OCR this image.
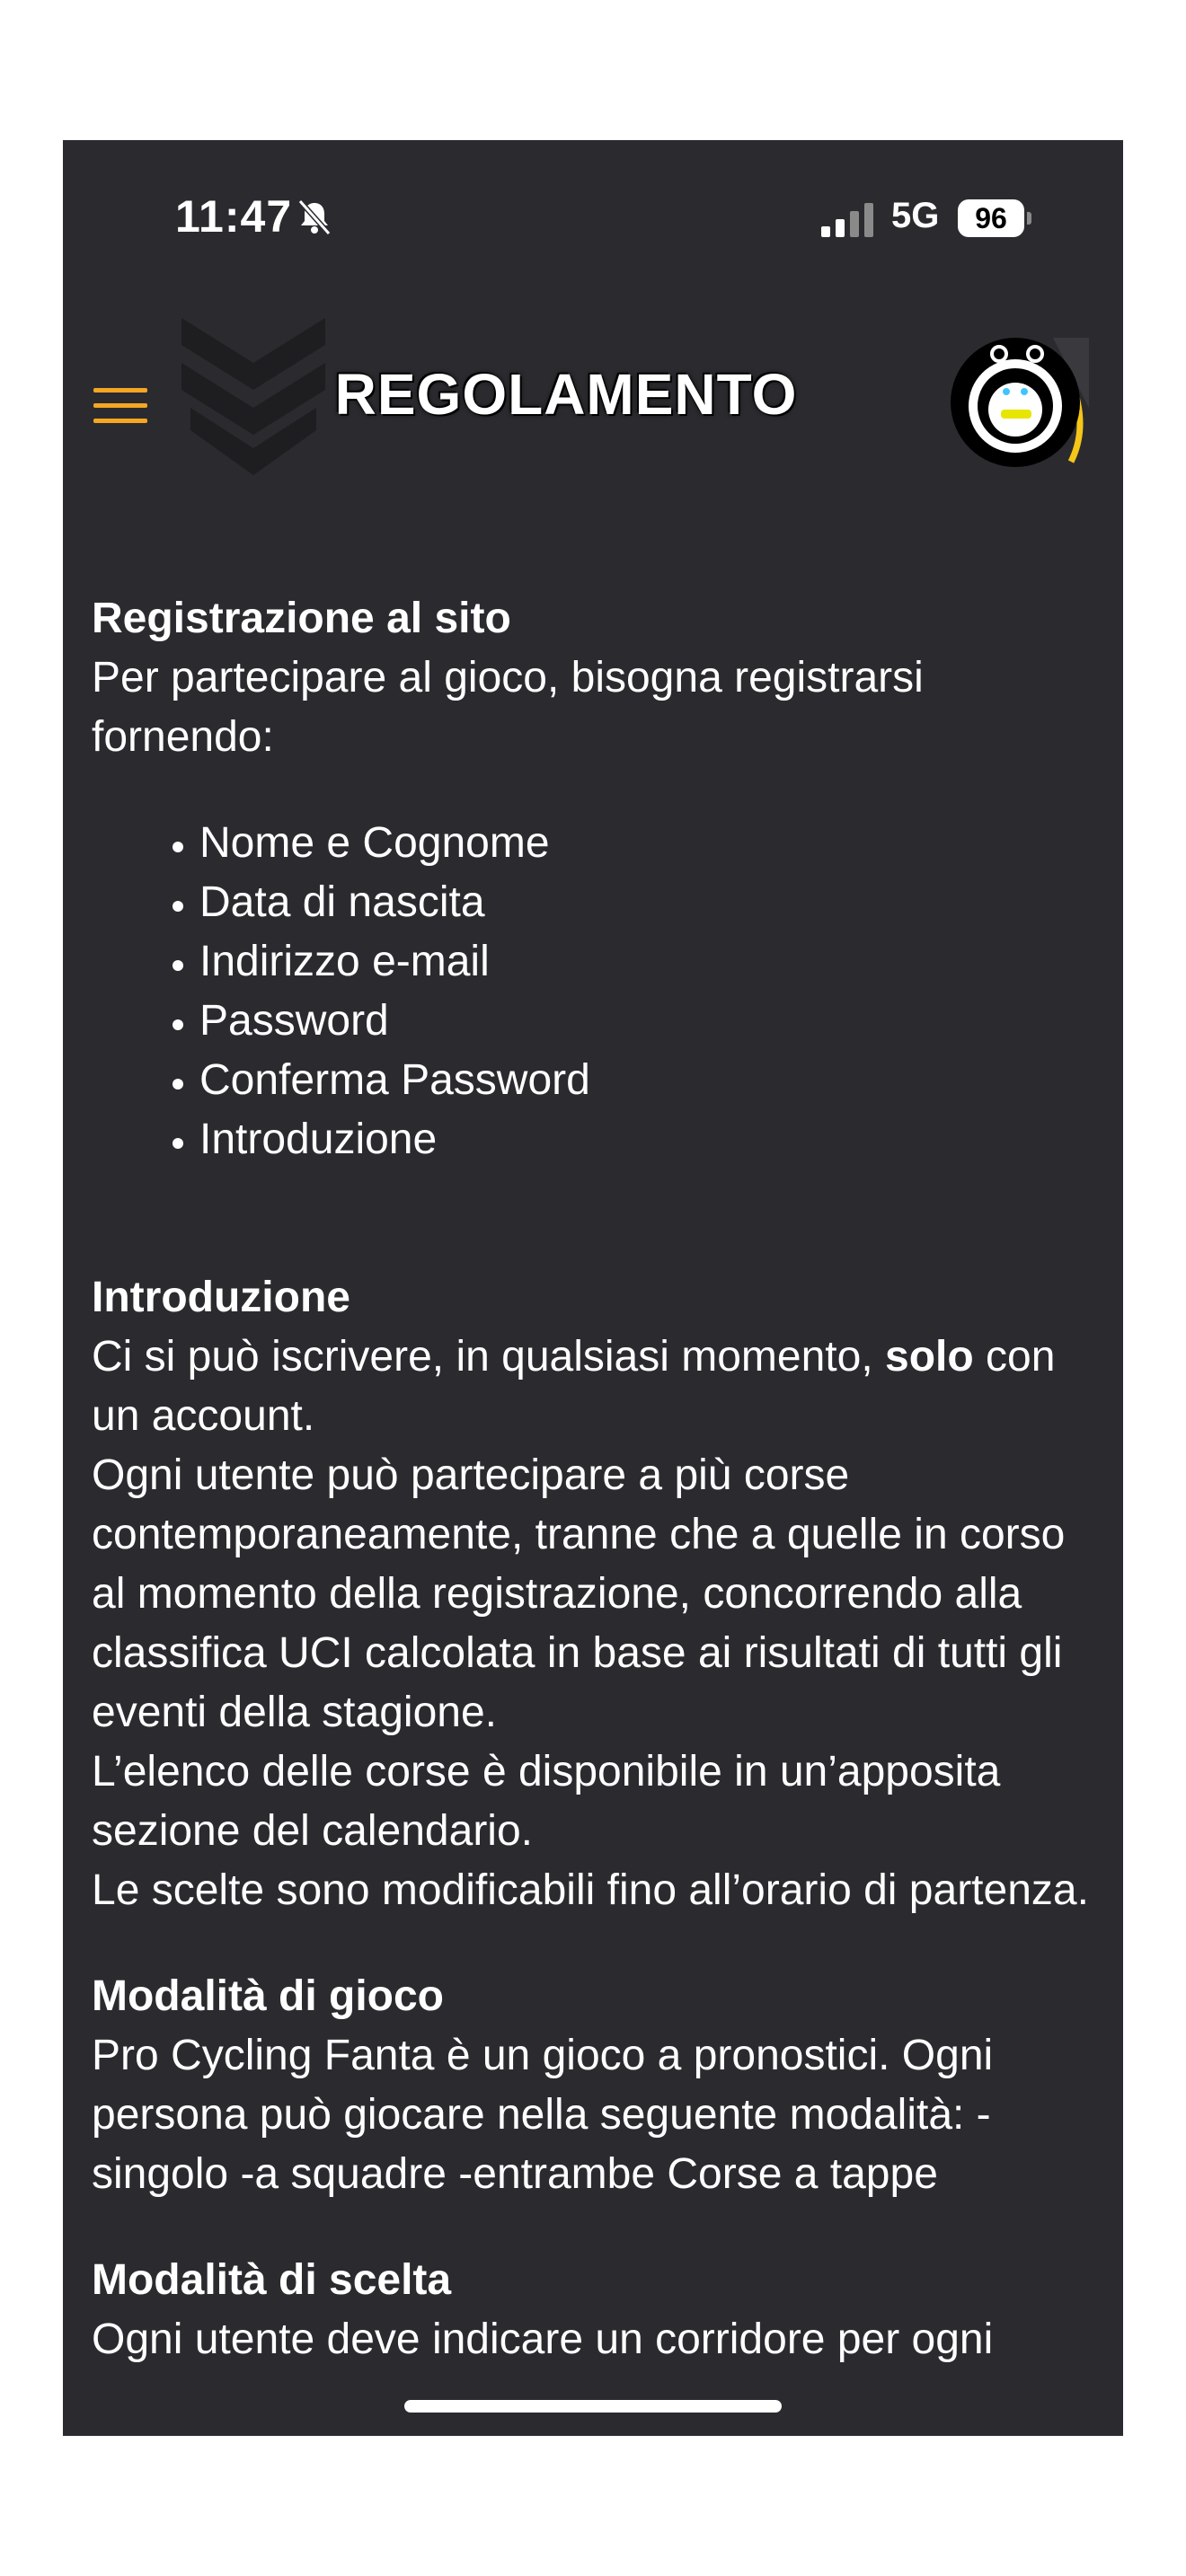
11:47	5G	96
REGOLAMENTO
Registrazione al sito

Per partecipare al gioco, bisogna registrarsi fornendo:

• Nome e Cognome
• Data di nascita
• Indirizzo e-mail
• Password
• Conferma Password
• Introduzione
Introduzione

Ci si può iscrivere, in qualsiasi momento, solo con un account.

Ogni utente può partecipare a più corse contemporaneamente, tranne che a quelle in corso al momento della registrazione, concorrendo alla classifica UCI calcolata in base ai risultati di tutti gli eventi della stagione.

L’elenco delle corse è disponibile in un’apposita sezione del calendario.

Le scelte sono modificabili fino all’orario di partenza.

Modalità di gioco

Pro Cycling Fanta è un gioco a pronostici. Ogni persona può giocare nella seguente modalità: -singolo -a squadre -entrambe Corse a tappe

Modalità di scelta

Ogni utente deve indicare un corridore per ogni
